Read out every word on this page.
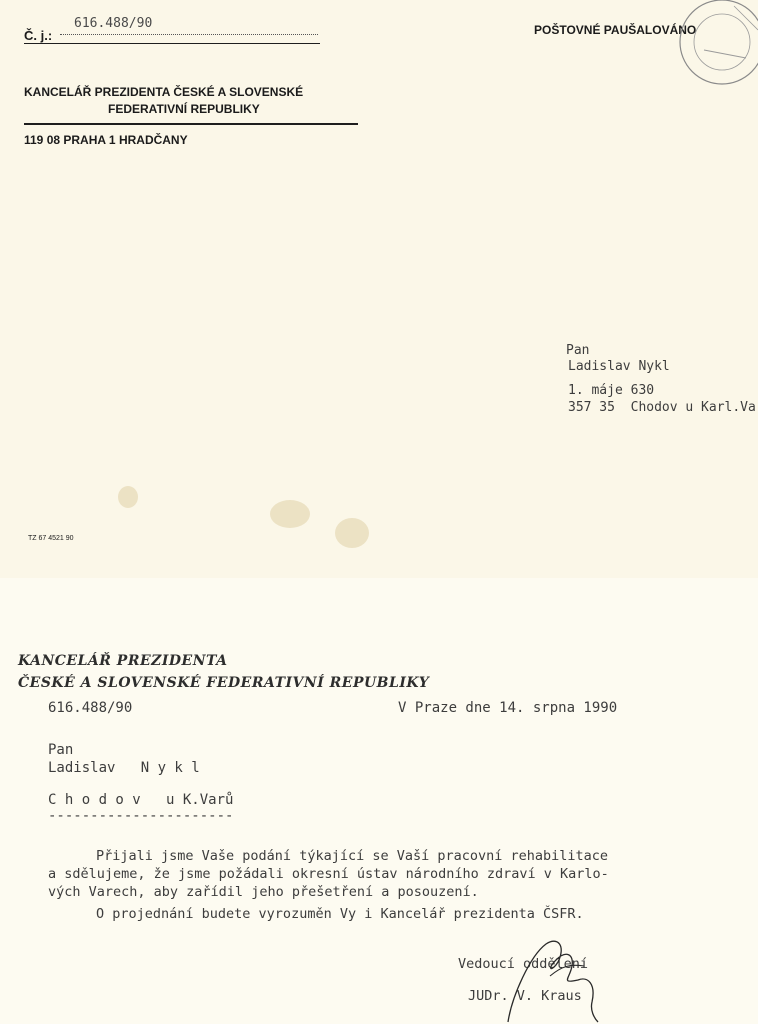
Č. j.:
616.488/90	POŠTOVNÉ PAUŠALOVÁNO
KANCELÁŘ PREZIDENTA ČESKÉ A SLOVENSKÉ
FEDERATIVNÍ REPUBLIKY
119 08 PRAHA 1 HRADČANY
Pan
Ladislav Nykl
1. máje 630
357 35  Chodov u Karl.Va
TZ 67 4521 90
KANCELÁŘ PREZIDENTA
ČESKÉ A SLOVENSKÉ FEDERATIVNÍ REPUBLIKY
616.488/90	V Praze dne 14. srpna 1990
Pan
Ladislav   N y k l
C h o d o v   u K.Varů
----------------------
Přijali jsme Vaše podání týkající se Vaší pracovní rehabilitace
a sdělujeme, že jsme požádali okresní ústav národního zdraví v Karlo-
vých Varech, aby zařídil jeho přešetření a posouzení.
O projednání budete vyrozuměn Vy i Kancelář prezidenta ČSFR.
Vedoucí oddělení
JUDr. V. Kraus
